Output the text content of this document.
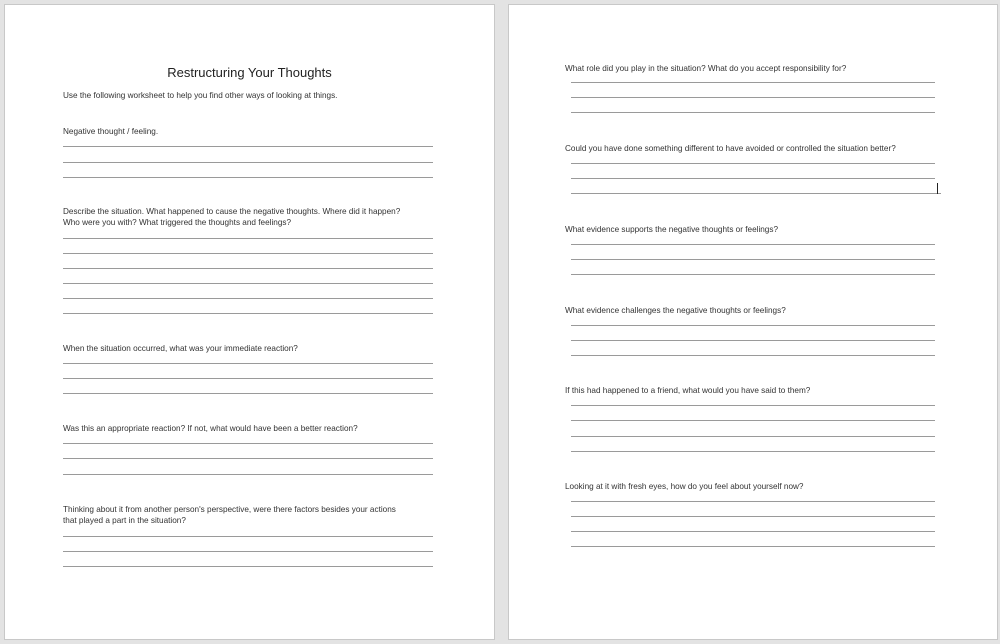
Restructuring Your Thoughts
Use the following worksheet to help you find other ways of looking at things.
Negative thought / feeling.
Describe the situation. What happened to cause the negative thoughts. Where did it happen?
Who were you with? What triggered the thoughts and feelings?
When the situation occurred, what was your immediate reaction?
Was this an appropriate reaction? If not, what would have been a better reaction?
Thinking about it from another person's perspective, were there factors besides your actions
that played a part in the situation?
What role did you play in the situation? What do you accept responsibility for?
Could you have done something different to have avoided or controlled the situation better?
What evidence supports the negative thoughts or feelings?
What evidence challenges the negative thoughts or feelings?
If this had happened to a friend, what would you have said to them?
Looking at it with fresh eyes, how do you feel about yourself now?
